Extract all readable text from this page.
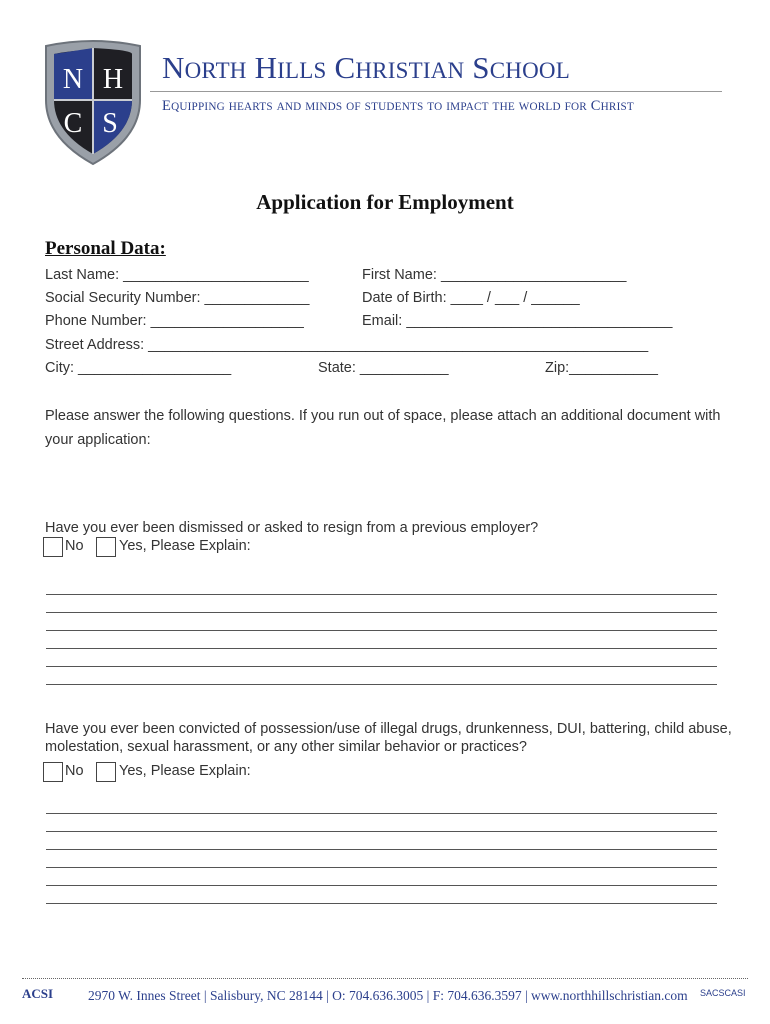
N H
C S
NORTH HILLS CHRISTIAN SCHOOL
EQUIPPING HEARTS AND MINDS OF STUDENTS TO IMPACT THE WORLD FOR CHRIST
Application for Employment
Personal Data:
Last Name: _______________________	First Name: _______________________
Social Security Number: _____________	Date of Birth: ____ / ___ / ______
Phone Number: ___________________	Email: _________________________________
Street Address: ______________________________________________________________
City: ___________________	State: ___________	Zip:___________
Please answer the following questions. If you run out of space, please attach an additional document with your application:
Have you ever been dismissed or asked to resign from a previous employer?
No Yes, Please Explain:
Have you ever been convicted of possession/use of illegal drugs, drunkenness, DUI, battering, child abuse, molestation, sexual harassment, or any other similar behavior or practices?
No Yes, Please Explain:
ACSI	2970 W. Innes Street | Salisbury, NC 28144 | O: 704.636.3005 | F: 704.636.3597 | www.northhillschristian.com SACSCASI
